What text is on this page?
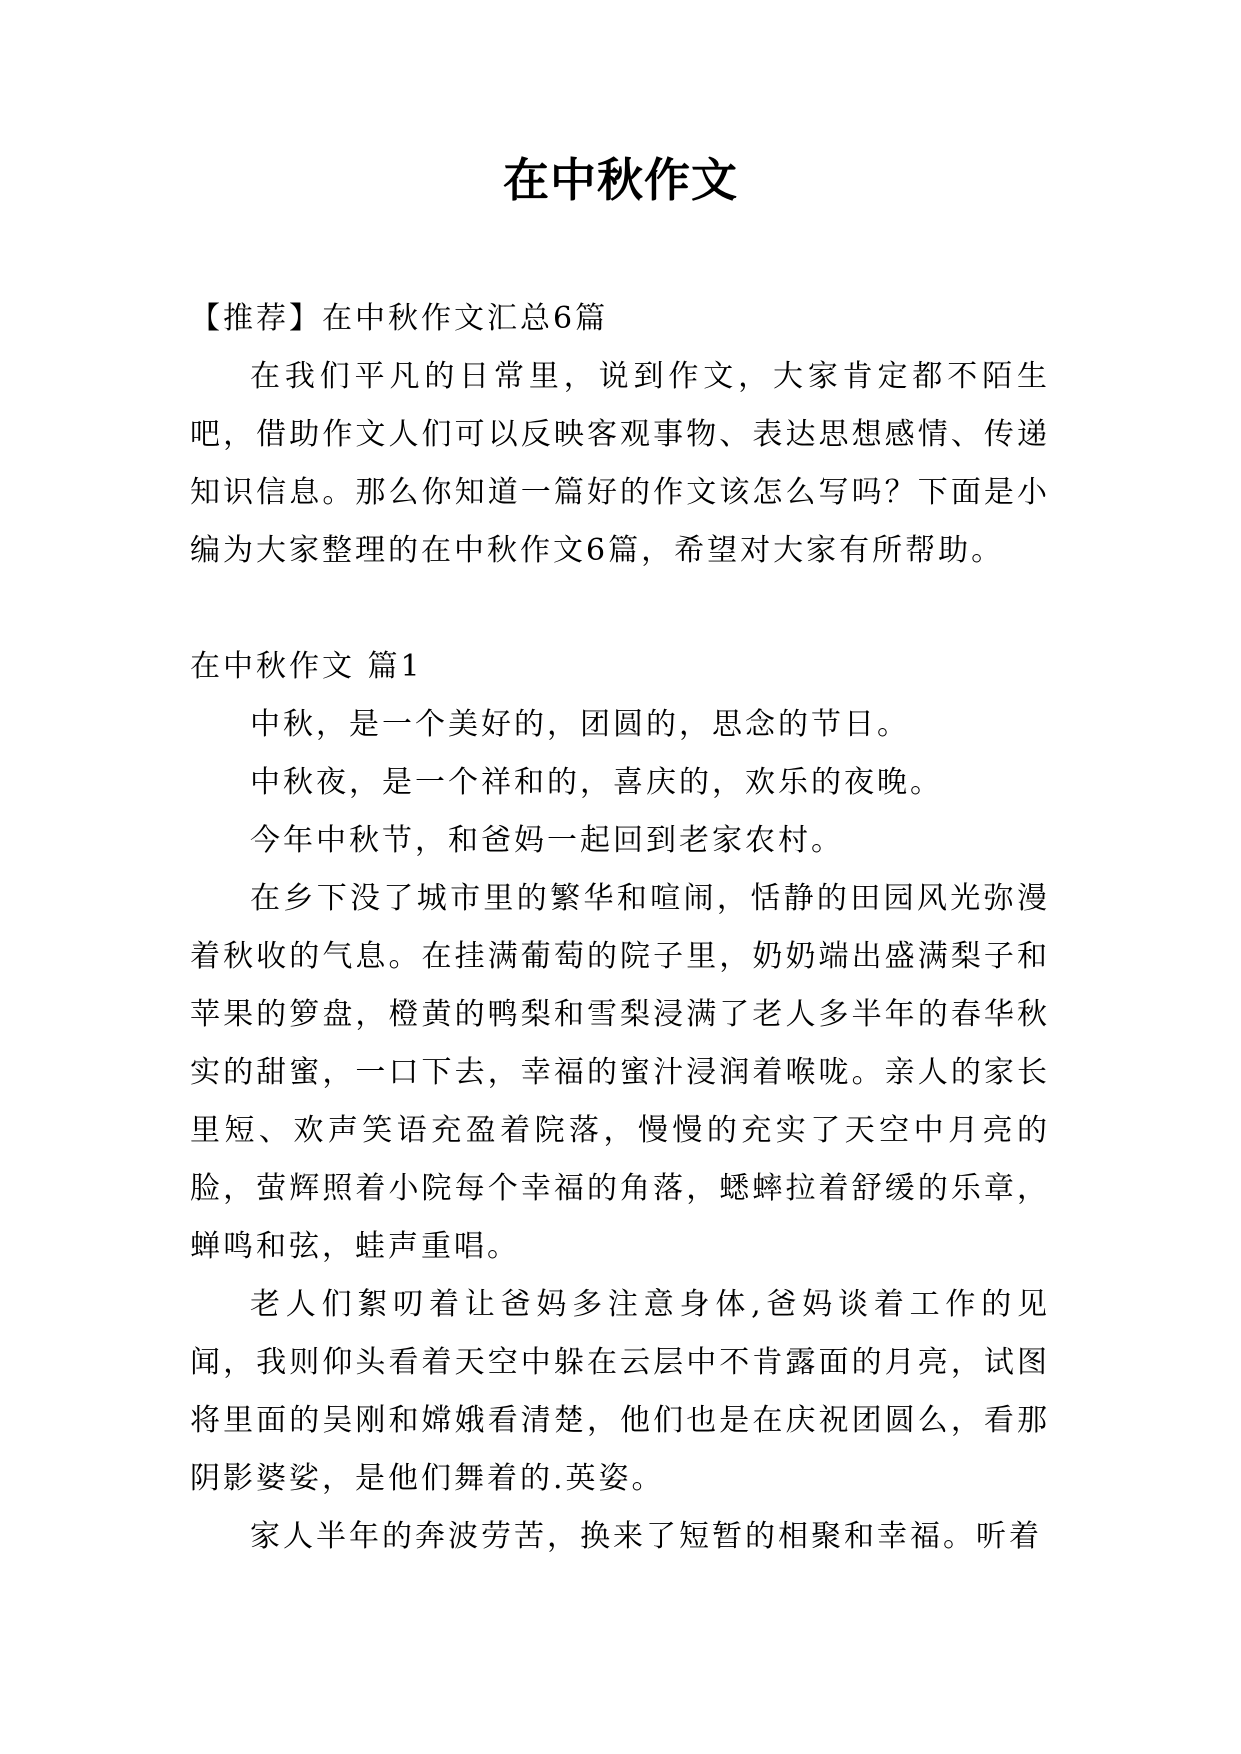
在中秋作文

【推荐】在中秋作文汇总6篇

在我们平凡的日常里，说到作文，大家肯定都不陌生吧，借助作文人们可以反映客观事物、表达思想感情、传递知识信息。那么你知道一篇好的作文该怎么写吗？下面是小编为大家整理的在中秋作文6篇，希望对大家有所帮助。

在中秋作文 篇1

中秋，是一个美好的，团圆的，思念的节日。

中秋夜，是一个祥和的，喜庆的，欢乐的夜晚。

今年中秋节，和爸妈一起回到老家农村。

在乡下没了城市里的繁华和喧闹，恬静的田园风光弥漫着秋收的气息。在挂满葡萄的院子里，奶奶端出盛满梨子和苹果的箩盘，橙黄的鸭梨和雪梨浸满了老人多半年的春华秋实的甜蜜，一口下去，幸福的蜜汁浸润着喉咙。亲人的家长里短、欢声笑语充盈着院落，慢慢的充实了天空中月亮的脸，萤辉照着小院每个幸福的角落，蟋蟀拉着舒缓的乐章，蝉鸣和弦，蛙声重唱。

老人们絮叨着让爸妈多注意身体,爸妈谈着工作的见闻，我则仰头看着天空中躲在云层中不肯露面的月亮，试图将里面的吴刚和嫦娥看清楚，他们也是在庆祝团圆么，看那阴影婆娑，是他们舞着的.英姿。

家人半年的奔波劳苦，换来了短暂的相聚和幸福。听着
